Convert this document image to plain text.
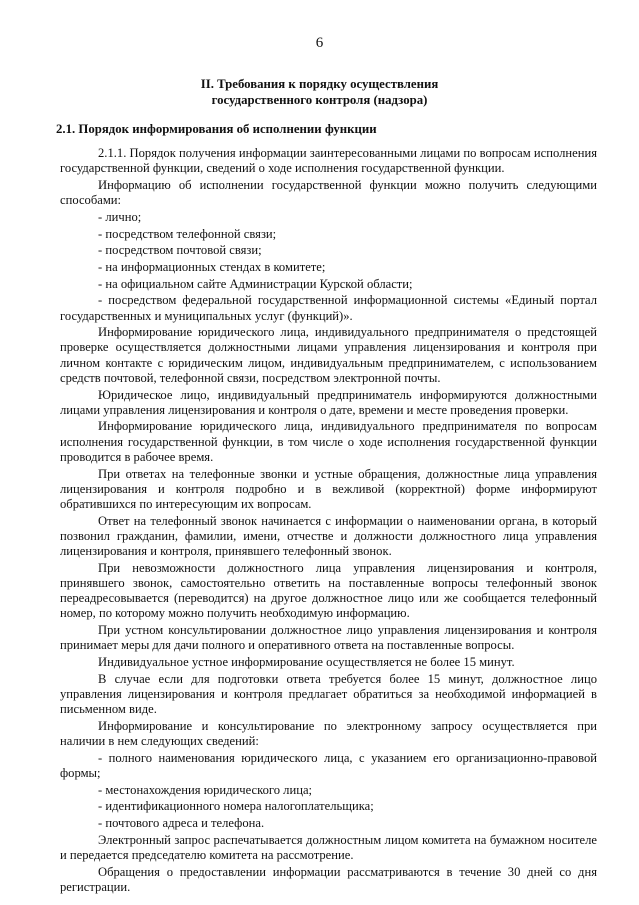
6
II. Требования к порядку осуществления
государственного контроля (надзора)
2.1. Порядок информирования об исполнении функции

2.1.1. Порядок получения информации заинтересованными лицами по вопросам исполнения государственной функции, сведений о ходе исполнения государственной функции.

Информацию об исполнении государственной функции можно получить следующими способами:

- лично;

- посредством телефонной связи;

- посредством почтовой связи;

- на информационных стендах в комитете;

- на официальном сайте Администрации Курской области;

- посредством федеральной государственной информационной системы «Единый портал государственных и муниципальных услуг (функций)».

Информирование юридического лица, индивидуального предпринимателя о предстоящей проверке осуществляется должностными лицами управления лицензирования и контроля при личном контакте с юридическим лицом, индивидуальным предпринимателем, с использованием средств почтовой, телефонной связи, посредством электронной почты.

Юридическое лицо, индивидуальный предприниматель информируются должностными лицами управления лицензирования и контроля о дате, времени и месте проведения проверки.

Информирование юридического лица, индивидуального предпринимателя по вопросам исполнения государственной функции, в том числе о ходе исполнения государственной функции проводится в рабочее время.

При ответах на телефонные звонки и устные обращения, должностные лица управления лицензирования и контроля подробно и в вежливой (корректной) форме информируют обратившихся по интересующим их вопросам.

Ответ на телефонный звонок начинается с информации о наименовании органа, в который позвонил гражданин, фамилии, имени, отчестве и должности должностного лица управления лицензирования и контроля, принявшего телефонный звонок.

При невозможности должностного лица управления лицензирования и контроля, принявшего звонок, самостоятельно ответить на поставленные вопросы телефонный звонок переадресовывается (переводится) на другое должностное лицо или же сообщается телефонный номер, по которому можно получить необходимую информацию.

При устном консультировании должностное лицо управления лицензирования и контроля принимает меры для дачи полного и оперативного ответа на поставленные вопросы.

Индивидуальное устное информирование осуществляется не более 15 минут.

В случае если для подготовки ответа требуется более 15 минут, должностное лицо управления лицензирования и контроля предлагает обратиться за необходимой информацией в письменном виде.

Информирование и консультирование по электронному запросу осуществляется при наличии в нем следующих сведений:

- полного наименования юридического лица, с указанием его организационно-правовой формы;

- местонахождения юридического лица;

- идентификационного номера налогоплательщика;

- почтового адреса и телефона.

Электронный запрос распечатывается должностным лицом комитета на бумажном носителе и передается председателю комитета на рассмотрение.

Обращения о предоставлении информации рассматриваются в течение 30 дней со дня регистрации.
